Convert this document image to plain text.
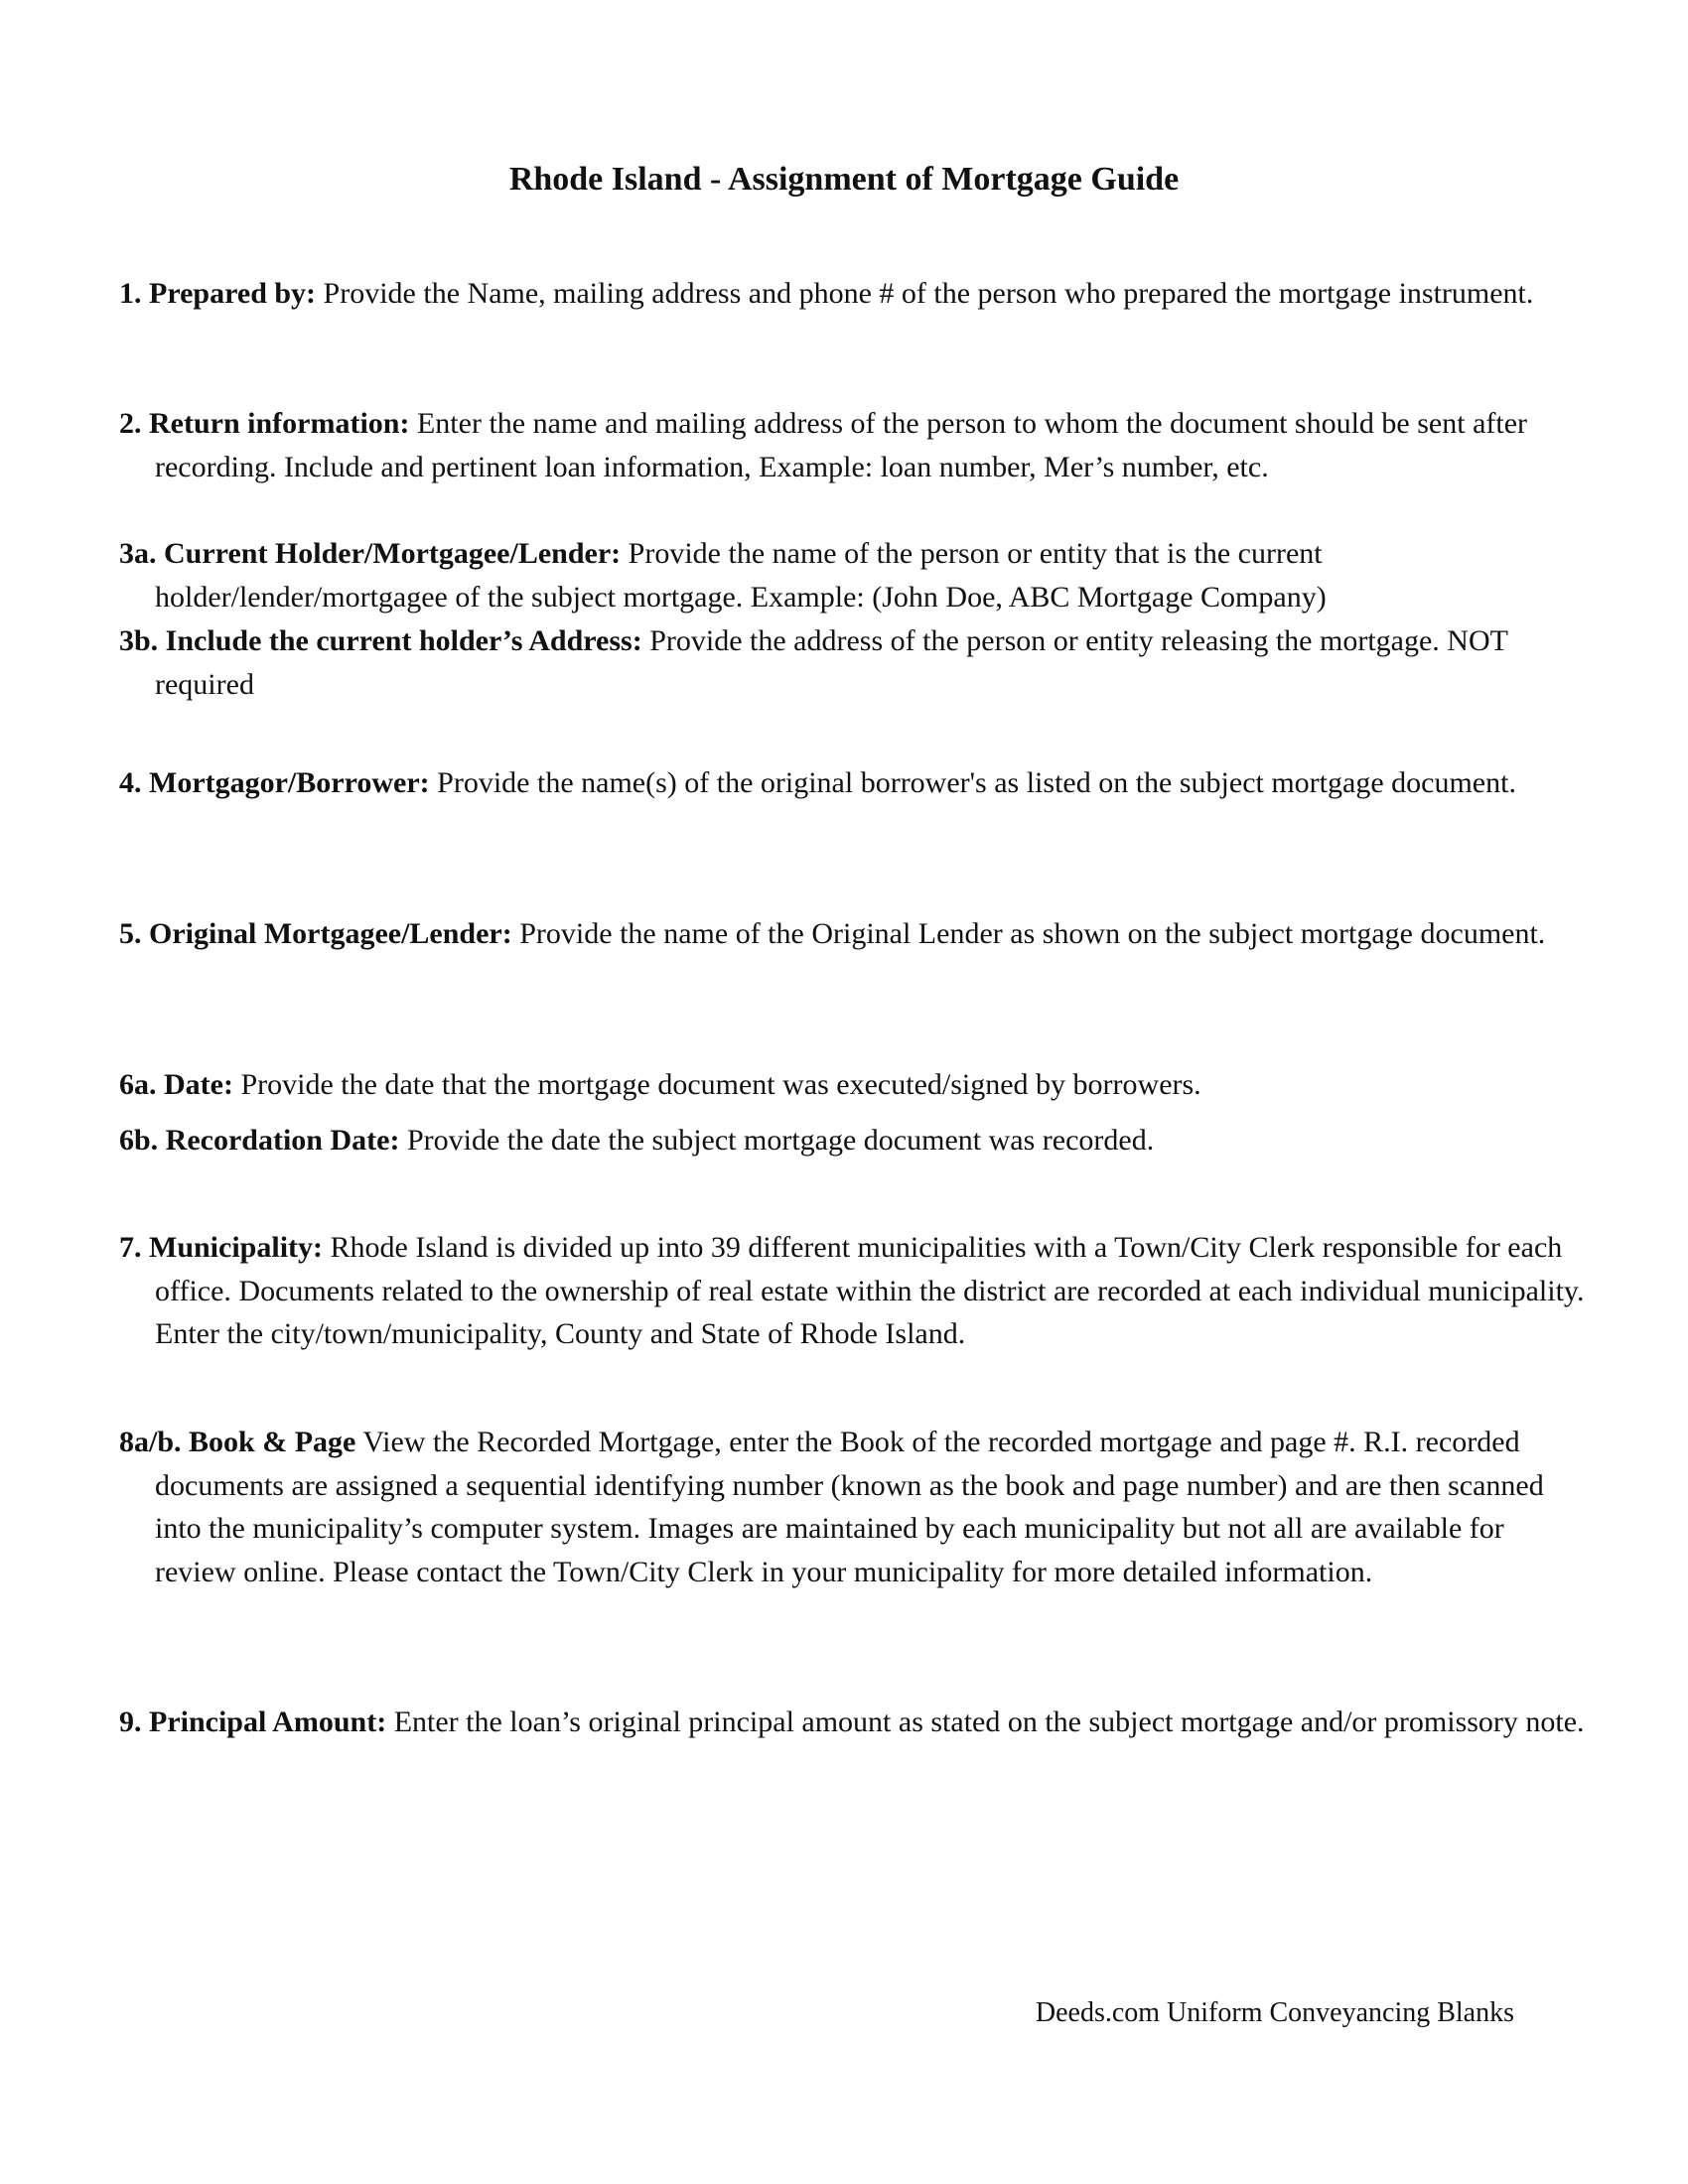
Rhode Island - Assignment of Mortgage Guide

1. Prepared by: Provide the Name, mailing address and phone # of the person who prepared the mortgage instrument.

2. Return information: Enter the name and mailing address of the person to whom the document should be sent after recording. Include and pertinent loan information, Example: loan number, Mer’s number, etc.

3a. Current Holder/Mortgagee/Lender: Provide the name of the person or entity that is the current holder/lender/mortgagee of the subject mortgage. Example: (John Doe, ABC Mortgage Company)

3b. Include the current holder’s Address: Provide the address of the person or entity releasing the mortgage. NOT required

4. Mortgagor/Borrower: Provide the name(s) of the original borrower's as listed on the subject mortgage document.

5. Original Mortgagee/Lender: Provide the name of the Original Lender as shown on the subject mortgage document.

6a. Date: Provide the date that the mortgage document was executed/signed by borrowers.

6b. Recordation Date: Provide the date the subject mortgage document was recorded.

7. Municipality: Rhode Island is divided up into 39 different municipalities with a Town/City Clerk responsible for each office. Documents related to the ownership of real estate within the district are recorded at each individual municipality. Enter the city/town/municipality, County and State of Rhode Island.

8a/b. Book & Page View the Recorded Mortgage, enter the Book of the recorded mortgage and page #. R.I. recorded documents are assigned a sequential identifying number (known as the book and page number) and are then scanned into the municipality’s computer system. Images are maintained by each municipality but not all are available for review online. Please contact the Town/City Clerk in your municipality for more detailed information.

9. Principal Amount: Enter the loan’s original principal amount as stated on the subject mortgage and/or promissory note.

Deeds.com Uniform Conveyancing Blanks
